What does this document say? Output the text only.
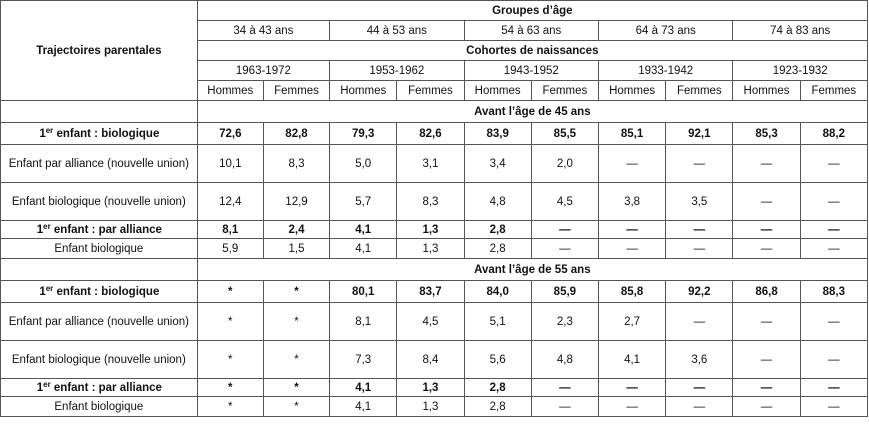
Trajectoires parentales	Groupes d’âge									
	34 à 43 ans		44 à 53 ans		54 à 63 ans		64 à 73 ans		74 à 83 ans	
	Cohortes de naissances									
	1963-1972		1953-1962		1943-1952		1933-1942		1923-1932	
	Hommes	Femmes	Hommes	Femmes	Hommes	Femmes	Hommes	Femmes	Hommes	Femmes
	Avant l’âge de 45 ans									
1er enfant : biologique	72,6	82,8	79,3	82,6	83,9	85,5	85,1	92,1	85,3	88,2
Enfant par alliance (nouvelle union)	10,1	8,3	5,0	3,1	3,4	2,0	—	—	—	—
Enfant biologique (nouvelle union)	12,4	12,9	5,7	8,3	4,8	4,5	3,8	3,5	—	—
1er enfant : par alliance	8,1	2,4	4,1	1,3	2,8	—	—	—	—	—
Enfant biologique	5,9	1,5	4,1	1,3	2,8	—	—	—	—	—
	Avant l’âge de 55 ans									
1er enfant : biologique	*	*	80,1	83,7	84,0	85,9	85,8	92,2	86,8	88,3
Enfant par alliance (nouvelle union)	*	*	8,1	4,5	5,1	2,3	2,7	—	—	—
Enfant biologique (nouvelle union)	*	*	7,3	8,4	5,6	4,8	4,1	3,6	—	—
1er enfant : par alliance	*	*	4,1	1,3	2,8	—	—	—	—	—
Enfant biologique	*	*	4,1	1,3	2,8	—	—	—	—	—
